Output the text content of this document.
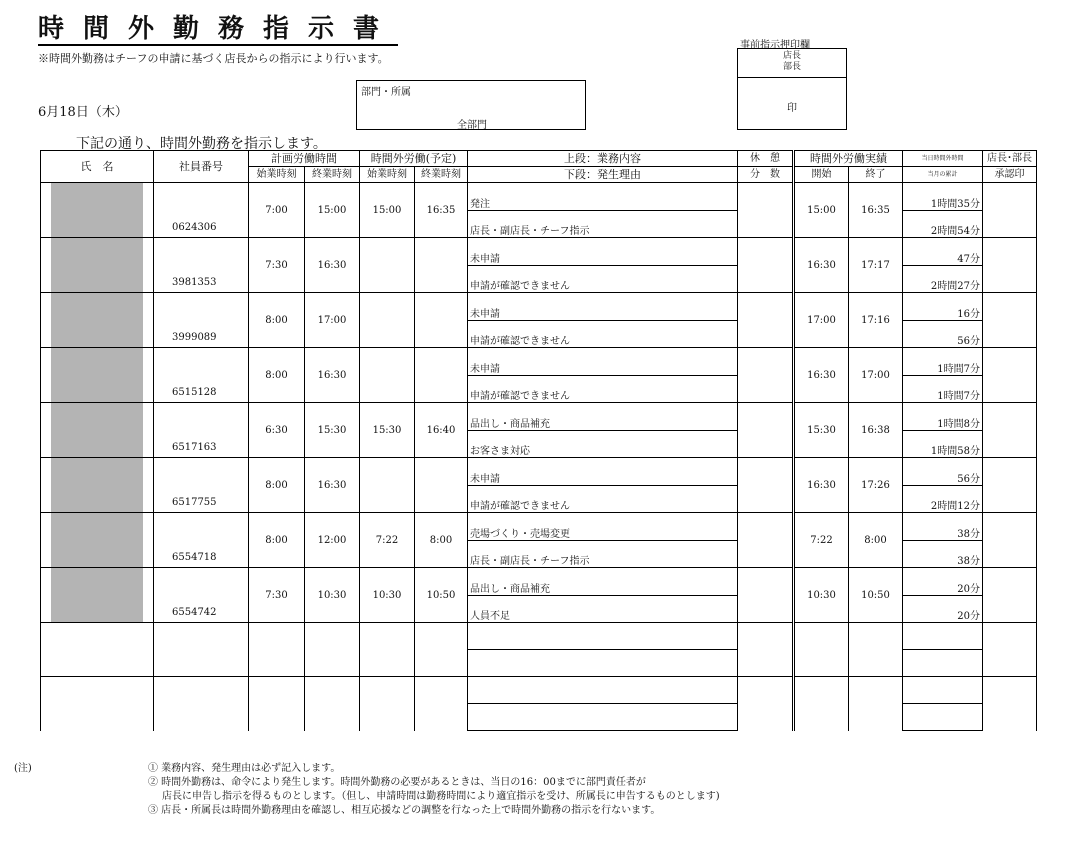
時間外勤務指示書
※時間外勤務はチーフの申請に基づく店長からの指示により行います。
6月18日（木）
下記の通り、時間外勤務を指示します。
部門・所属
全部門
事前指示押印欄
店長
部長
印
氏　名	社員番号	計画労働時間		時間外労働(予定)		上段：業務内容	休　憩	時間外労働実績		当日時間外時間	店長･部長
		始業時刻	終業時刻	始業時刻	終業時刻	下段：発生理由	分　数	開始	終了	当月の累計	承認印

	0624306	7:00	15:00	15:00	16:35	発注		15:00	16:35	1時間35分	
						店長・副店長・チーフ指示				2時間54分	

	3981353	7:30	16:30			未申請		16:30	17:17	47分	
						申請が確認できません				2時間27分	

	3999089	8:00	17:00			未申請		17:00	17:16	16分	
						申請が確認できません				56分	

	6515128	8:00	16:30			未申請		16:30	17:00	1時間7分	
						申請が確認できません				1時間7分	

	6517163	6:30	15:30	15:30	16:40	品出し・商品補充		15:30	16:38	1時間8分	
						お客さま対応				1時間58分	

	6517755	8:00	16:30			未申請		16:30	17:26	56分	
						申請が確認できません				2時間12分	

	6554718	8:00	12:00	7:22	8:00	売場づくり・売場変更		7:22	8:00	38分	
						店長・副店長・チーフ指示				38分	

	6554742	7:30	10:30	10:30	10:50	品出し・商品補充		10:30	10:50	20分	
						人員不足				20分	

(注)	① 業務内容、発生理由は必ず記入します。
② 時間外勤務は、命令により発生します。時間外勤務の必要があるときは、当日の16：00までに部門責任者が
店長に申告し指示を得るものとします。（但し、申請時間は勤務時間により適宜指示を受け、所属長に申告するものとします)
③ 店長・所属長は時間外勤務理由を確認し、相互応援などの調整を行なった上で時間外勤務の指示を行ないます。
